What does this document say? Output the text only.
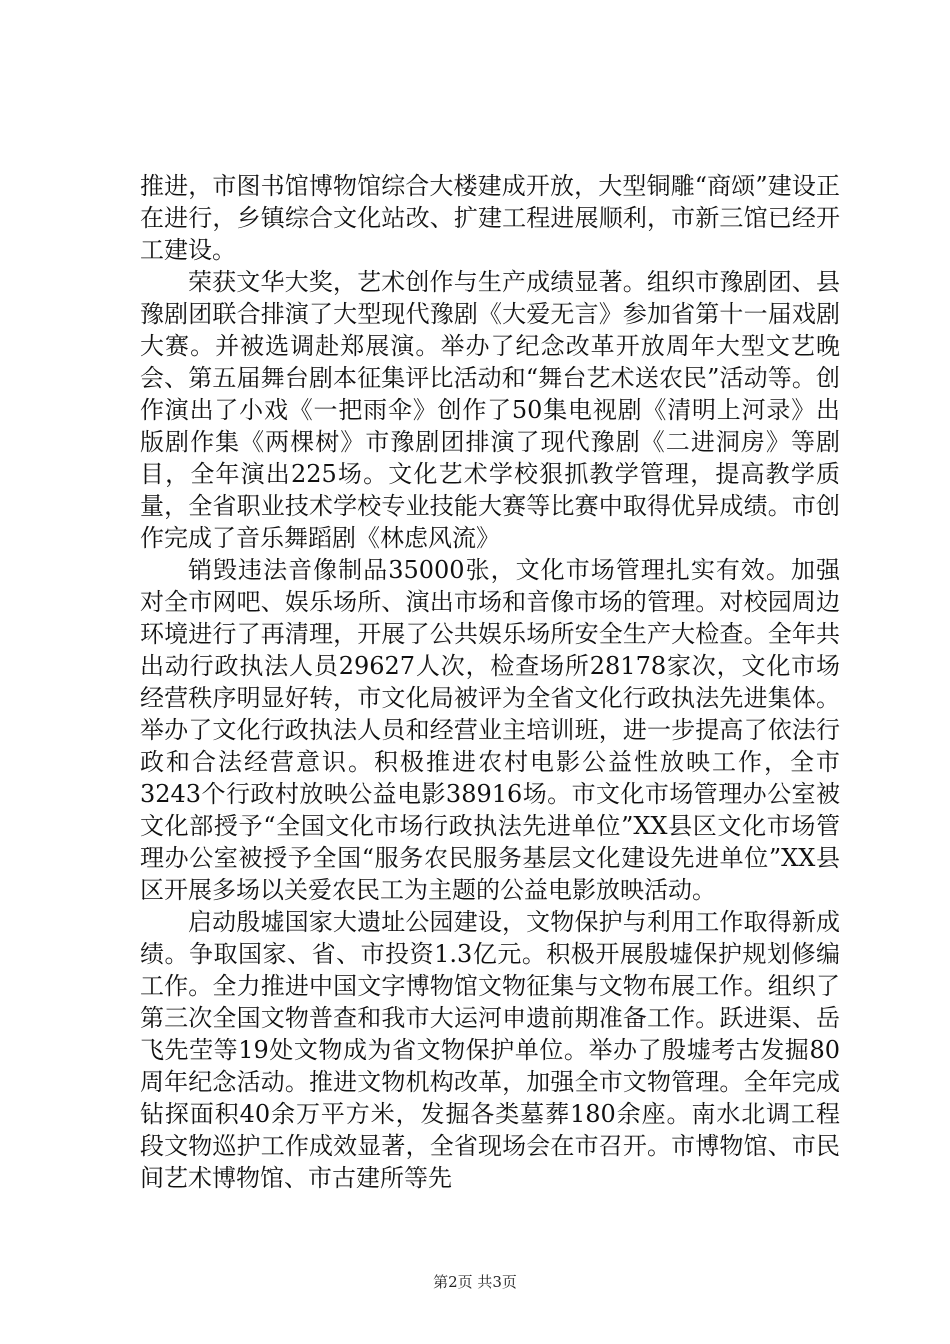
推进，市图书馆博物馆综合大楼建成开放，大型铜雕“商颂”建设正在进行，乡镇综合文化站改、扩建工程进展顺利，市新三馆已经开工建设。

荣获文华大奖，艺术创作与生产成绩显著。组织市豫剧团、县豫剧团联合排演了大型现代豫剧《大爱无言》参加省第十一届戏剧大赛。并被选调赴郑展演。举办了纪念改革开放周年大型文艺晚会、第五届舞台剧本征集评比活动和“舞台艺术送农民”活动等。创作演出了小戏《一把雨伞》创作了50集电视剧《清明上河录》出版剧作集《两棵树》市豫剧团排演了现代豫剧《二进洞房》等剧目，全年演出225场。文化艺术学校狠抓教学管理，提高教学质量，全省职业技术学校专业技能大赛等比赛中取得优异成绩。市创作完成了音乐舞蹈剧《林虑风流》

销毁违法音像制品35000张，文化市场管理扎实有效。加强对全市网吧、娱乐场所、演出市场和音像市场的管理。对校园周边环境进行了再清理，开展了公共娱乐场所安全生产大检查。全年共出动行政执法人员29627人次，检查场所28178家次，文化市场经营秩序明显好转，市文化局被评为全省文化行政执法先进集体。举办了文化行政执法人员和经营业主培训班，进一步提高了依法行政和合法经营意识。积极推进农村电影公益性放映工作，全市3243个行政村放映公益电影38916场。市文化市场管理办公室被文化部授予“全国文化市场行政执法先进单位”XX县区文化市场管理办公室被授予全国“服务农民服务基层文化建设先进单位”XX县区开展多场以关爱农民工为主题的公益电影放映活动。

启动殷墟国家大遗址公园建设，文物保护与利用工作取得新成绩。争取国家、省、市投资1.3亿元。积极开展殷墟保护规划修编工作。全力推进中国文字博物馆文物征集与文物布展工作。组织了第三次全国文物普查和我市大运河申遗前期准备工作。跃进渠、岳飞先茔等19处文物成为省文物保护单位。举办了殷墟考古发掘80周年纪念活动。推进文物机构改革，加强全市文物管理。全年完成钻探面积40余万平方米，发掘各类墓葬180余座。南水北调工程段文物巡护工作成效显著，全省现场会在市召开。市博物馆、市民间艺术博物馆、市古建所等先

第2页 共3页
